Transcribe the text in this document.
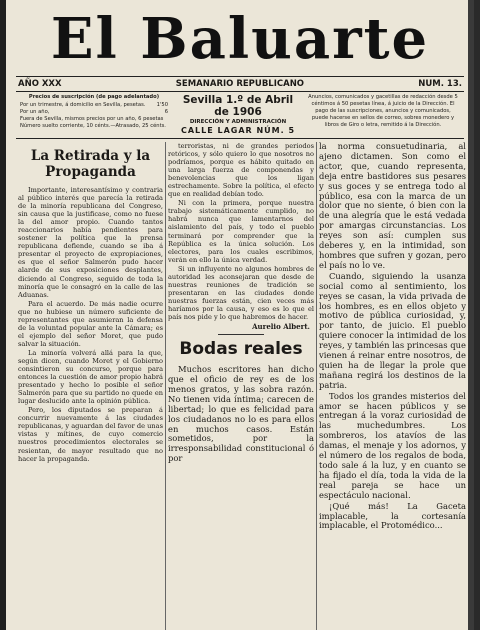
El Baluarte
AÑO XXX	SEMANARIO REPUBLICANO	NUM. 13.
Precios de suscripción (de pago adelantado)
Por un trimestre, á domicilio en Sevilla, pesetas. 1'50
Por un año,	6
Fuera de Sevilla, mismos precios por un año, 6 pesetas
Número suelto corriente, 10 cénts.—Atrasado, 25 cénts.
Sevilla 1.º de Abril de 1906
DIRECCIÓN Y ADMINISTRACIÓN
CALLE LAGAR NÚM. 5
Anuncios, comunicados y gacetillas de redacción desde 5 céntimos á 50 pesetas línea, á juicio de la Dirección. El pago de las suscripciones, anuncios y comunicados, puede hacerse en sellos de correo, sobres monedero y libros de Giro o letra, remitido á la Dirección.
La Retirada y la Propaganda

Importante, interesantísimo y contraria al público interés que parecía la retirada de la minoría republicana del Congreso, sin causa que la justificase, como no fuese la del amor propio. Cuando tantos reaccionarios había pendientes para sostener la política que la prensa republicana defiende, cuando se iba á presentar el proyecto de expropiaciones, es que el señor Salmerón pudo hacer alarde de sus exposiciones desplantes, diciendo al Congreso, seguido de toda la minoría que le consagró en la calle de las Aduanas.

Para el acuerdo. De más nadie ocurre que no hubiese un número suficiente de representantes que asumieran la defensa de la voluntad popular ante la Cámara; es el ejemplo del señor Moret, que pudo salvar la situación.

La minoría volverá allá para la que, según dicen, cuando Moret y el Gobierno consintieron su concurso, porque para entonces la cuestión de amor propio habrá presentado y hecho lo posible el señor Salmerón para que su partido no quede en lugar deslucido ante la opinión pública.

Pero, los diputados se preparan á concurrir nuevamente á las ciudades republicanas, y aguardan del favor de unas vistas y mítines, de cuyo comercio nuestros procedimientos electorales se resientan, de mayor resultado que no hacer la propaganda.

terroristas, ni de grandes periodos retóricos, y sólo quiero lo que nosotros no podríamos, porque es hábito quitado en una larga fuerza de componendas y benevolencias que los ligan estrechamente. Sobre la política, el efecto que en realidad debían todo.

Ni con la primera, porque nuestra trabajo sistemáticamente cumplido, no habrá nunca que lamentarnos del aislamiento del país, y todo el pueblo terminará por comprender que la República es la única solución. Los electores, para los cuales escribimos, verán en ello la única verdad.

Si un influyente no algunos hombres de autoridad les aconsejaran que desde de nuestras reuniones de tradición se presentaran en las ciudades donde nuestras fuerzas están, cien veces más haríamos por la causa, y eso es lo que el país nos pide y lo que habremos de hacer.

Aurelio Albert.
Bodas reales

Muchos escritores han dicho que el oficio de rey es de los menos gratos, y las sobra razón. No tienen vida íntima; carecen de libertad; lo que es felicidad para los ciudadanos no lo es para ellos en muchos casos. Están sometidos, por la irresponsabilidad constitucional ó por

la norma consuetudinaria, al ajeno dictamen. Son como el actor, que, cuando representa, deja entre bastidores sus pesares y sus goces y se entrega todo al público, esa con la marca de un dolor que no siente, ó bien con la de una alegría que le está vedada por amargas circunstancias. Los reyes son así: cumplen sus deberes y, en la intimidad, son hombres que sufren y gozan, pero el país no lo ve.

Cuando, siguiendo la usanza social como al sentimiento, los reyes se casan, la vida privada de los hombres, es en ellos objeto y motivo de pública curiosidad, y, por tanto, de juicio. El pueblo quiere conocer la intimidad de los reyes, y también las princesas que vienen á reinar entre nosotros, de quien ha de llegar la prole que mañana regirá los destinos de la patria.

Todos los grandes misterios del amor se hacen públicos y se entregan á la voraz curiosidad de las muchedumbres. Los sombreros, los atavíos de las damas, el menaje y los adornos, y el número de los regalos de boda, todo sale á la luz, y en cuanto se ha fijado el día, toda la vida de la real pareja se hace un espectáculo nacional.

¡Qué más! La Gaceta implacable, la cortesanía implacable, el Protomédico...
